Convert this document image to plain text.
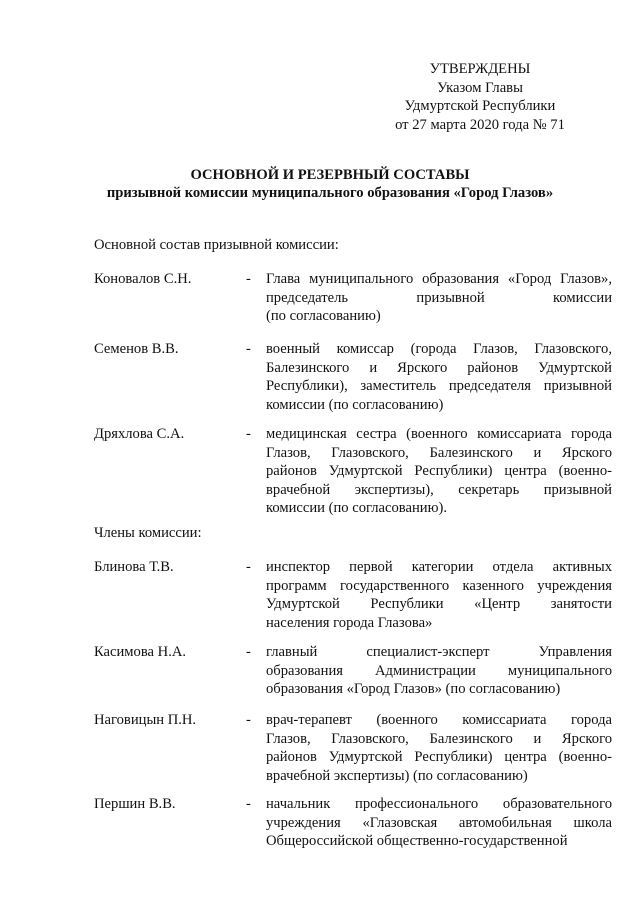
УТВЕРЖДЕНЫ
Указом Главы
Удмуртской Республики
от 27 марта 2020 года № 71
ОСНОВНОЙ И РЕЗЕРВНЫЙ СОСТАВЫ
призывной комиссии муниципального образования «Город Глазов»
Основной состав призывной комиссии:
Коновалов С.Н.	- Глава муниципального образования «Город Глазов»,
председатель призывной комиссии
(по согласованию)
Семенов В.В.	- военный комиссар (города Глазов, Глазовского,
Балезинского и Ярского районов Удмуртской
Республики), заместитель председателя призывной
комиссии (по согласованию)
Дряхлова С.А.	- медицинская сестра (военного комиссариата города
Глазов, Глазовского, Балезинского и Ярского
районов Удмуртской Республики) центра (военно-
врачебной экспертизы), секретарь призывной
комиссии (по согласованию).
Члены комиссии:
Блинова Т.В.	- инспектор первой категории отдела активных
программ государственного казенного учреждения
Удмуртской Республики «Центр занятости
населения города Глазова»
Касимова Н.А.	- главный специалист-эксперт Управления
образования Администрации муниципального
образования «Город Глазов» (по согласованию)
Наговицын П.Н.	- врач-терапевт (военного комиссариата города
Глазов, Глазовского, Балезинского и Ярского
районов Удмуртской Республики) центра (военно-
врачебной экспертизы) (по согласованию)
Першин В.В.	- начальник профессионального образовательного
учреждения «Глазовская автомобильная школа
Общероссийской общественно-государственной
